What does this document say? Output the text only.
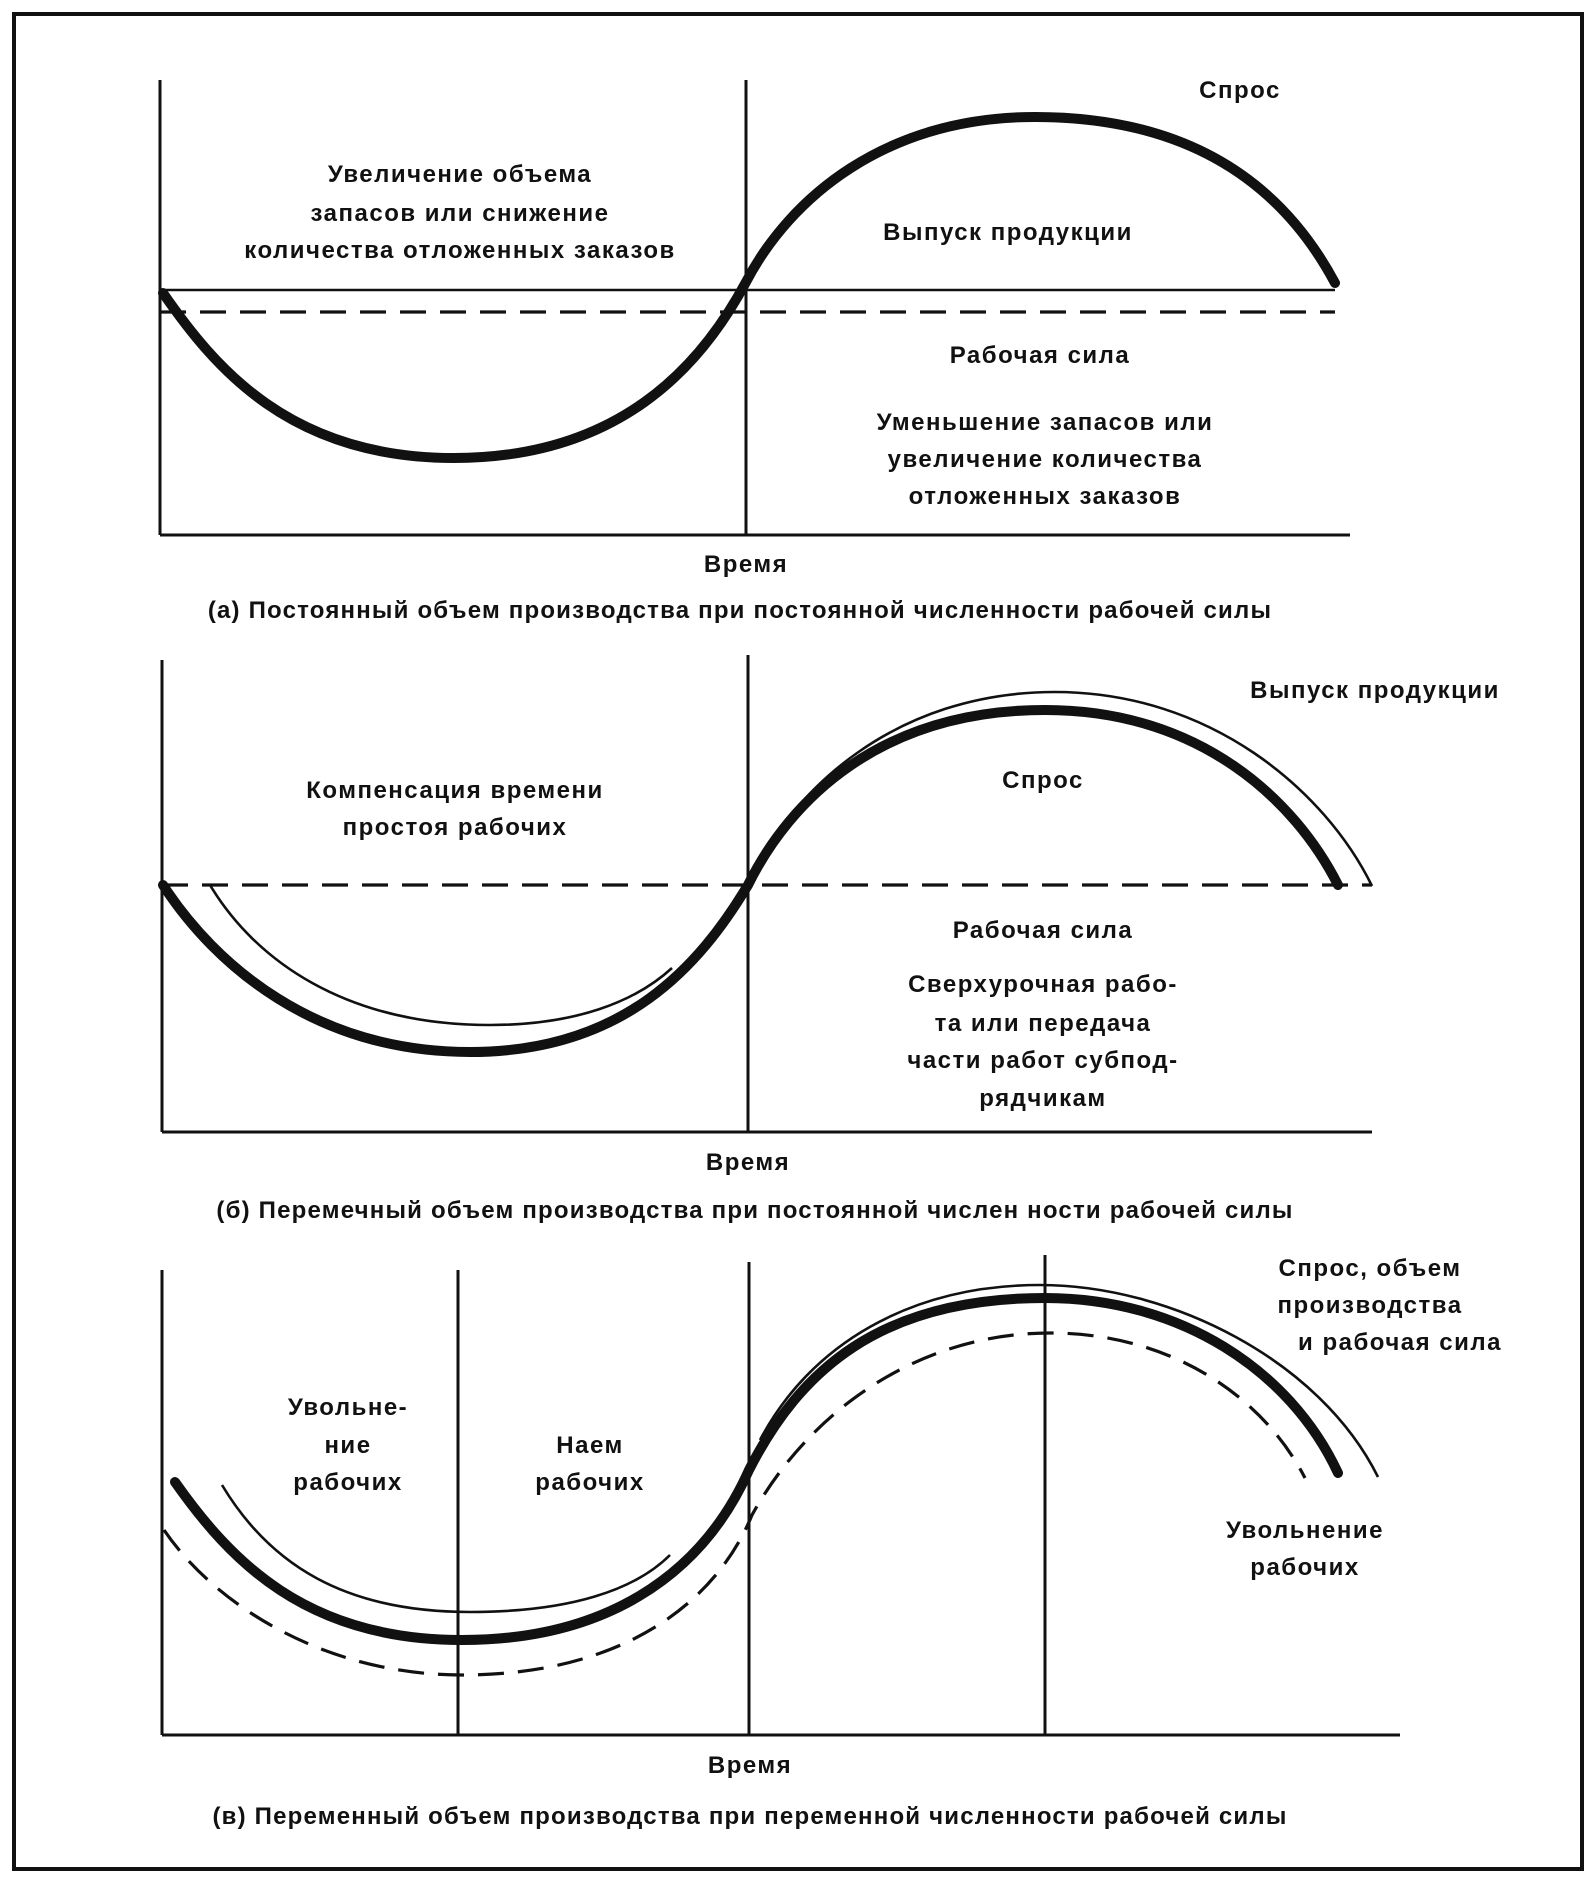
Спрос
Увеличение объема
запасов или снижение
количества отложенных заказов
Выпуск продукции
Рабочая сила
Уменьшение запасов или
увеличение количества
отложенных заказов
Время
(а) Постоянный объем производства при постоянной численности рабочей силы
Выпуск продукции
Спрос
Компенсация времени
простоя рабочих
Рабочая сила
Сверхурочная рабо-
та или передача
части работ субпод-
рядчикам
Время
(б) Перемечный объем производства при постоянной числен ности рабочей силы
Спрос, объем
производства
и рабочая сила
Увольне-
ние
рабочих
Наем
рабочих
Увольнение
рабочих
Время
(в) Переменный объем производства при переменной численности рабочей силы
